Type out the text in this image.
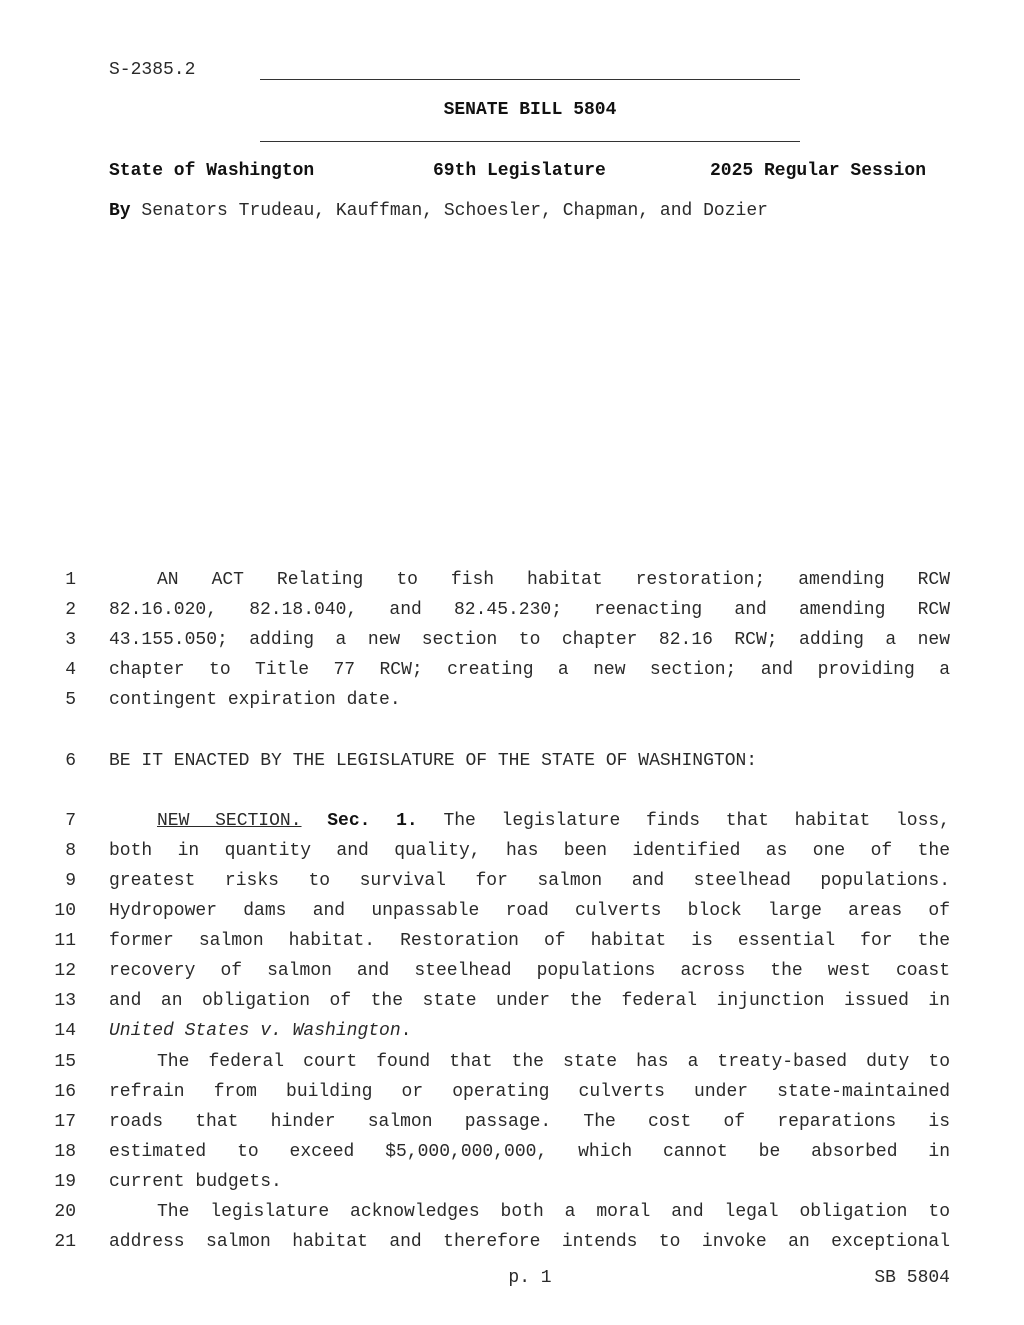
S-2385.2
SENATE BILL 5804
State of Washington	69th Legislature	2025 Regular Session
By Senators Trudeau, Kauffman, Schoesler, Chapman, and Dozier
1
2
3
4
5
6
7
8
9
10
11
12
13
14
15
16
17
18
19
20
21
AN ACT Relating to fish habitat restoration; amending RCW
82.16.020, 82.18.040, and 82.45.230; reenacting and amending RCW
43.155.050; adding a new section to chapter 82.16 RCW; adding a new
chapter to Title 77 RCW; creating a new section; and providing a
contingent expiration date.
BE IT ENACTED BY THE LEGISLATURE OF THE STATE OF WASHINGTON:
NEW SECTION. Sec. 1. The legislature finds that habitat loss,
both in quantity and quality, has been identified as one of the
greatest risks to survival for salmon and steelhead populations.
Hydropower dams and unpassable road culverts block large areas of
former salmon habitat. Restoration of habitat is essential for the
recovery of salmon and steelhead populations across the west coast
and an obligation of the state under the federal injunction issued in
United States v. Washington.
The federal court found that the state has a treaty-based duty to
refrain from building or operating culverts under state-maintained
roads that hinder salmon passage. The cost of reparations is
estimated to exceed $5,000,000,000, which cannot be absorbed in
current budgets.
The legislature acknowledges both a moral and legal obligation to
address salmon habitat and therefore intends to invoke an exceptional
p. 1	SB 5804
